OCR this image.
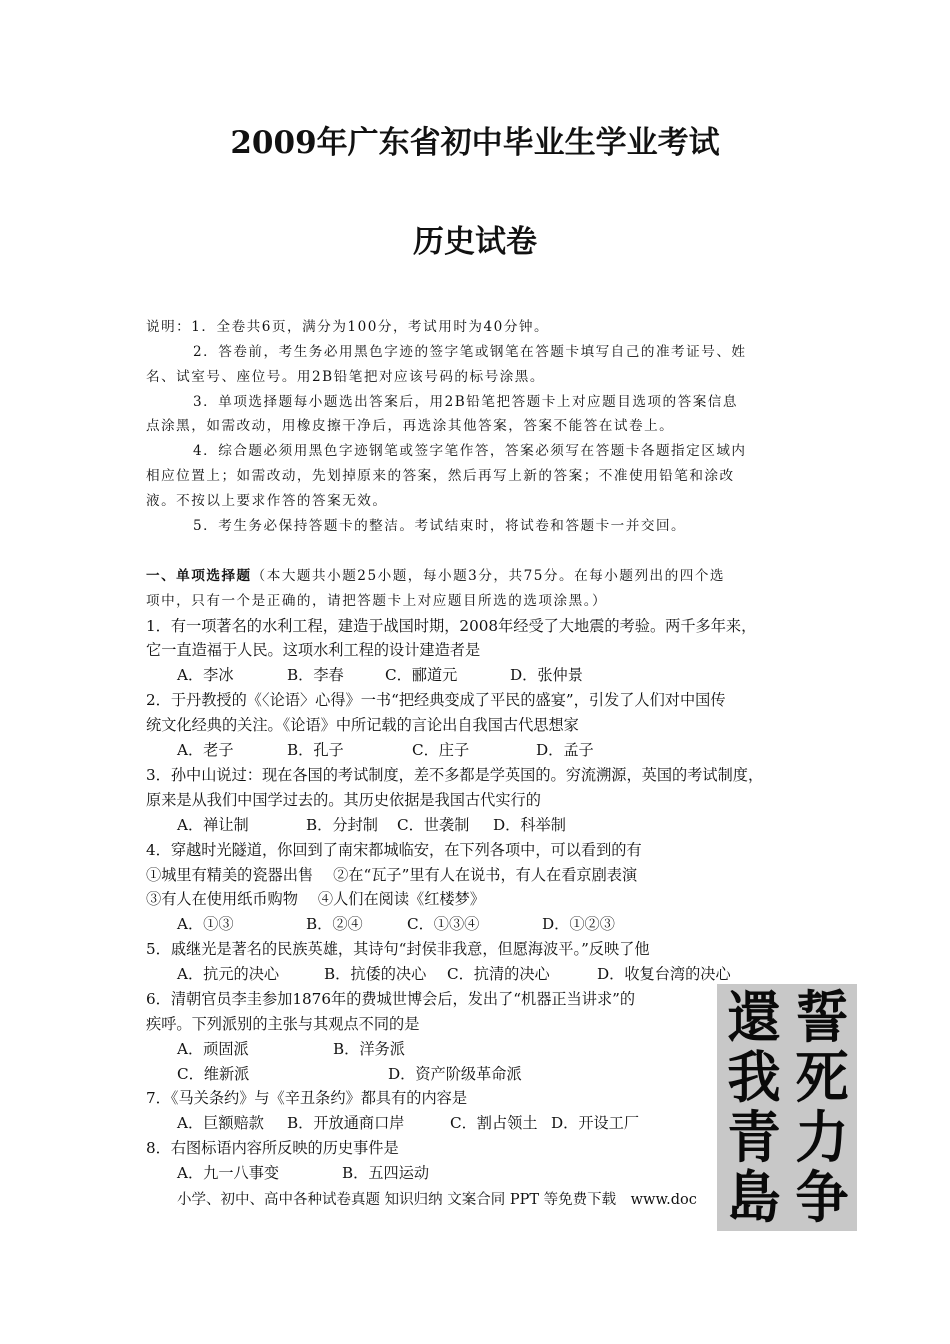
2009年广东省初中毕业生学业考试
历史试卷
说明：1．全卷共6页，满分为100分，考试用时为40分钟。
2．答卷前，考生务必用黑色字迹的签字笔或钢笔在答题卡填写自己的准考证号、姓
名、试室号、座位号。用2B铅笔把对应该号码的标号涂黑。
3．单项选择题每小题选出答案后，用2B铅笔把答题卡上对应题目选项的答案信息
点涂黑，如需改动，用橡皮擦干净后，再选涂其他答案，答案不能答在试卷上。
4．综合题必须用黑色字迹钢笔或签字笔作答，答案必须写在答题卡各题指定区域内
相应位置上；如需改动，先划掉原来的答案，然后再写上新的答案；不准使用铅笔和涂改
液。不按以上要求作答的答案无效。
5．考生务必保持答题卡的整洁。考试结束时，将试卷和答题卡一并交回。
一、单项选择题（本大题共小题25小题，每小题3分，共75分。在每小题列出的四个选
项中，只有一个是正确的，请把答题卡上对应题目所选的选项涂黑。）
1．有一项著名的水利工程，建造于战国时期，2008年经受了大地震的考验。两千多年来，
它一直造福于人民。这项水利工程的设计建造者是
A．李冰	B．李春	C．郦道元	D．张仲景
2．于丹教授的《〈论语〉心得》一书“把经典变成了平民的盛宴”，引发了人们对中国传
统文化经典的关注。《论语》中所记载的言论出自我国古代思想家
A．老子	B．孔子	C．庄子	D．孟子
3．孙中山说过：现在各国的考试制度，差不多都是学英国的。穷流溯源，英国的考试制度，
原来是从我们中国学过去的。其历史依据是我国古代实行的
A．禅让制	B．分封制 C．世袭制 D．科举制
4．穿越时光隧道，你回到了南宋都城临安，在下列各项中，可以看到的有
①城里有精美的瓷器出售　 ②在“瓦子”里有人在说书，有人在看京剧表演
③有人在使用纸币购物　 ④人们在阅读《红楼梦》
A．①③	B．②④	C．①③④	D．①②③
5．戚继光是著名的民族英雄，其诗句“封侯非我意，但愿海波平。”反映了他
A．抗元的决心	B．抗倭的决心 C．抗清的决心	D．收复台湾的决心
6．清朝官员李圭参加1876年的费城世博会后，发出了“机器正当讲求”的
疾呼。下列派别的主张与其观点不同的是
A．顽固派	B．洋务派
C．维新派	D．资产阶级革命派
7．《马关条约》与《辛丑条约》都具有的内容是
A．巨额赔款 B．开放通商口岸	C．割占领土 D．开设工厂
8．右图标语内容所反映的历史事件是
A．九一八事变	B．五四运动
小学、初中、高中各种试卷真题 知识归纳 文案合同 PPT 等免费下载　www.doc
誓
死
力
争
還
我
青
島
